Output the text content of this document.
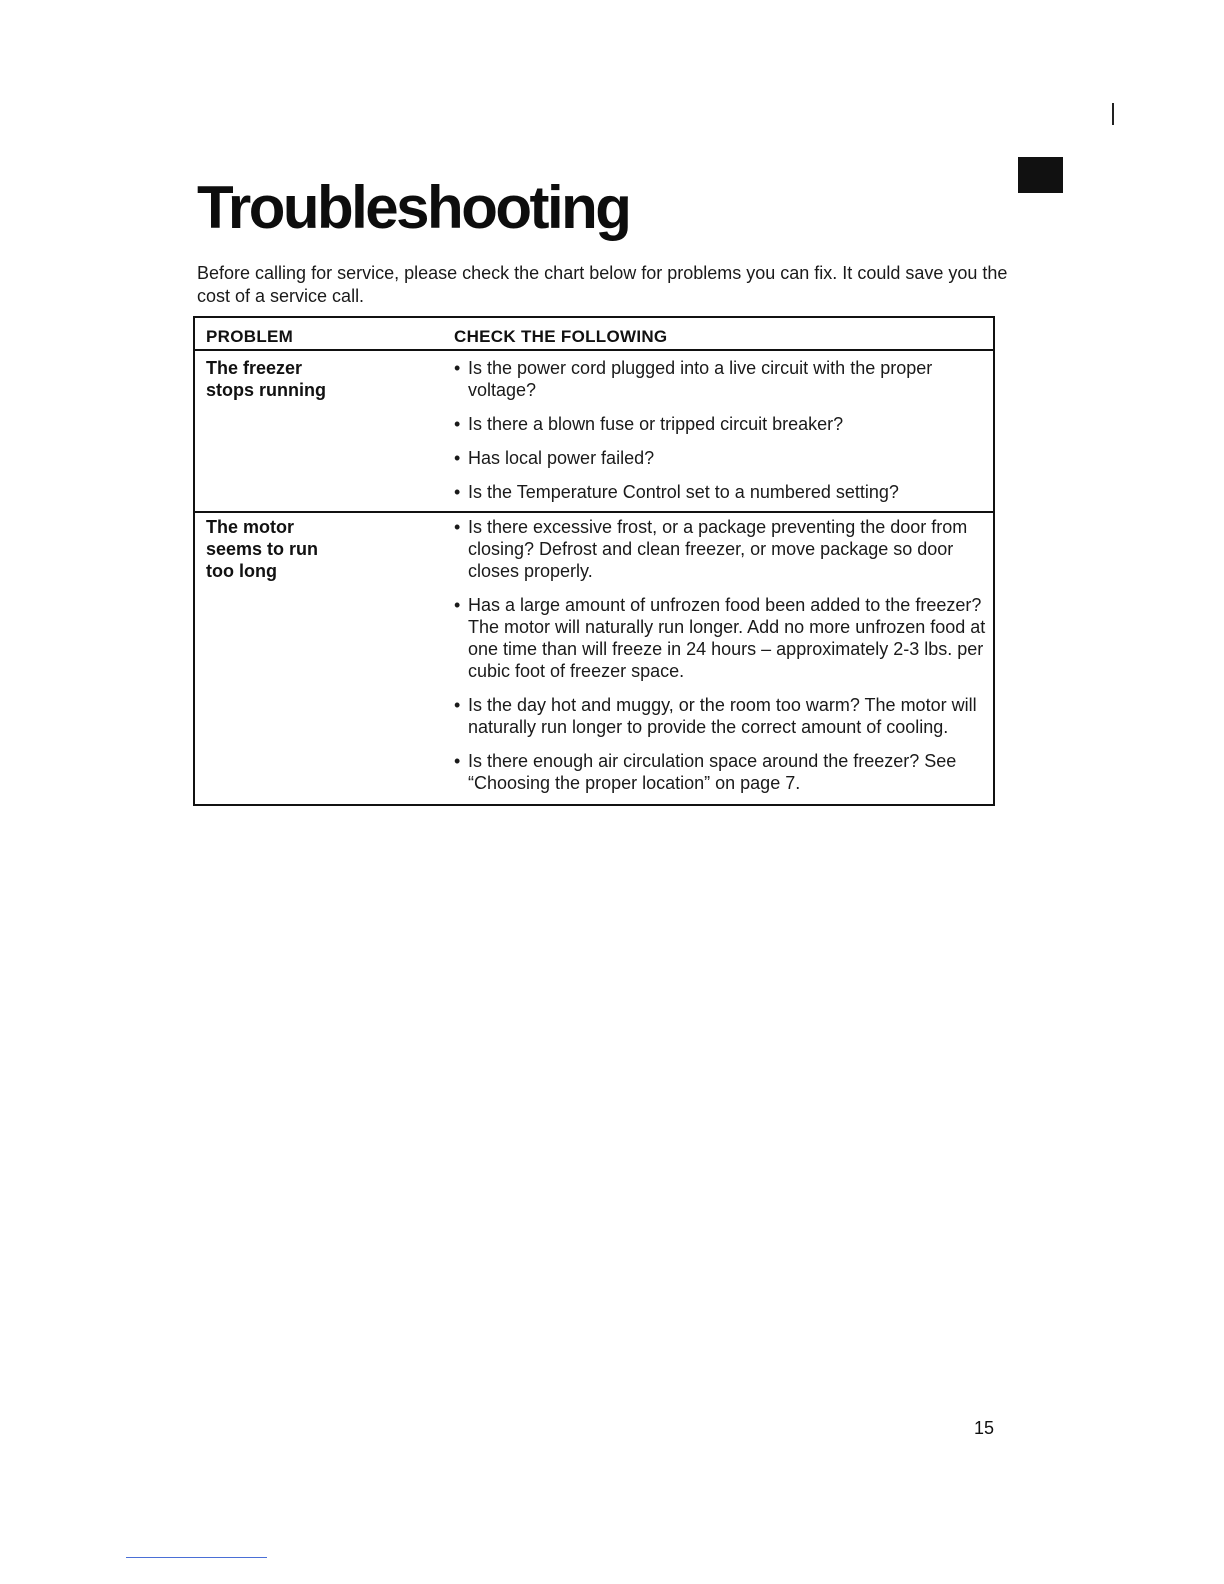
Troubleshooting

Before calling for service, please check the chart below for problems you can fix. It could save you the cost of a service call.

PROBLEM	CHECK THE FOLLOWING
The freezer
stops running
• Is the power cord plugged into a live circuit with the proper voltage?
• Is there a blown fuse or tripped circuit breaker?
• Has local power failed?
• Is the Temperature Control set to a numbered setting?
The motor
seems to run
too long
• Is there excessive frost, or a package preventing the door from closing? Defrost and clean freezer, or move package so door closes properly.
• Has a large amount of unfrozen food been added to the freezer? The motor will naturally run longer. Add no more unfrozen food at one time than will freeze in 24 hours – approximately 2-3 lbs. per cubic foot of freezer space.
• Is the day hot and muggy, or the room too warm? The motor will naturally run longer to provide the correct amount of cooling.
• Is there enough air circulation space around the freezer? See “Choosing the proper location” on page 7.
15
